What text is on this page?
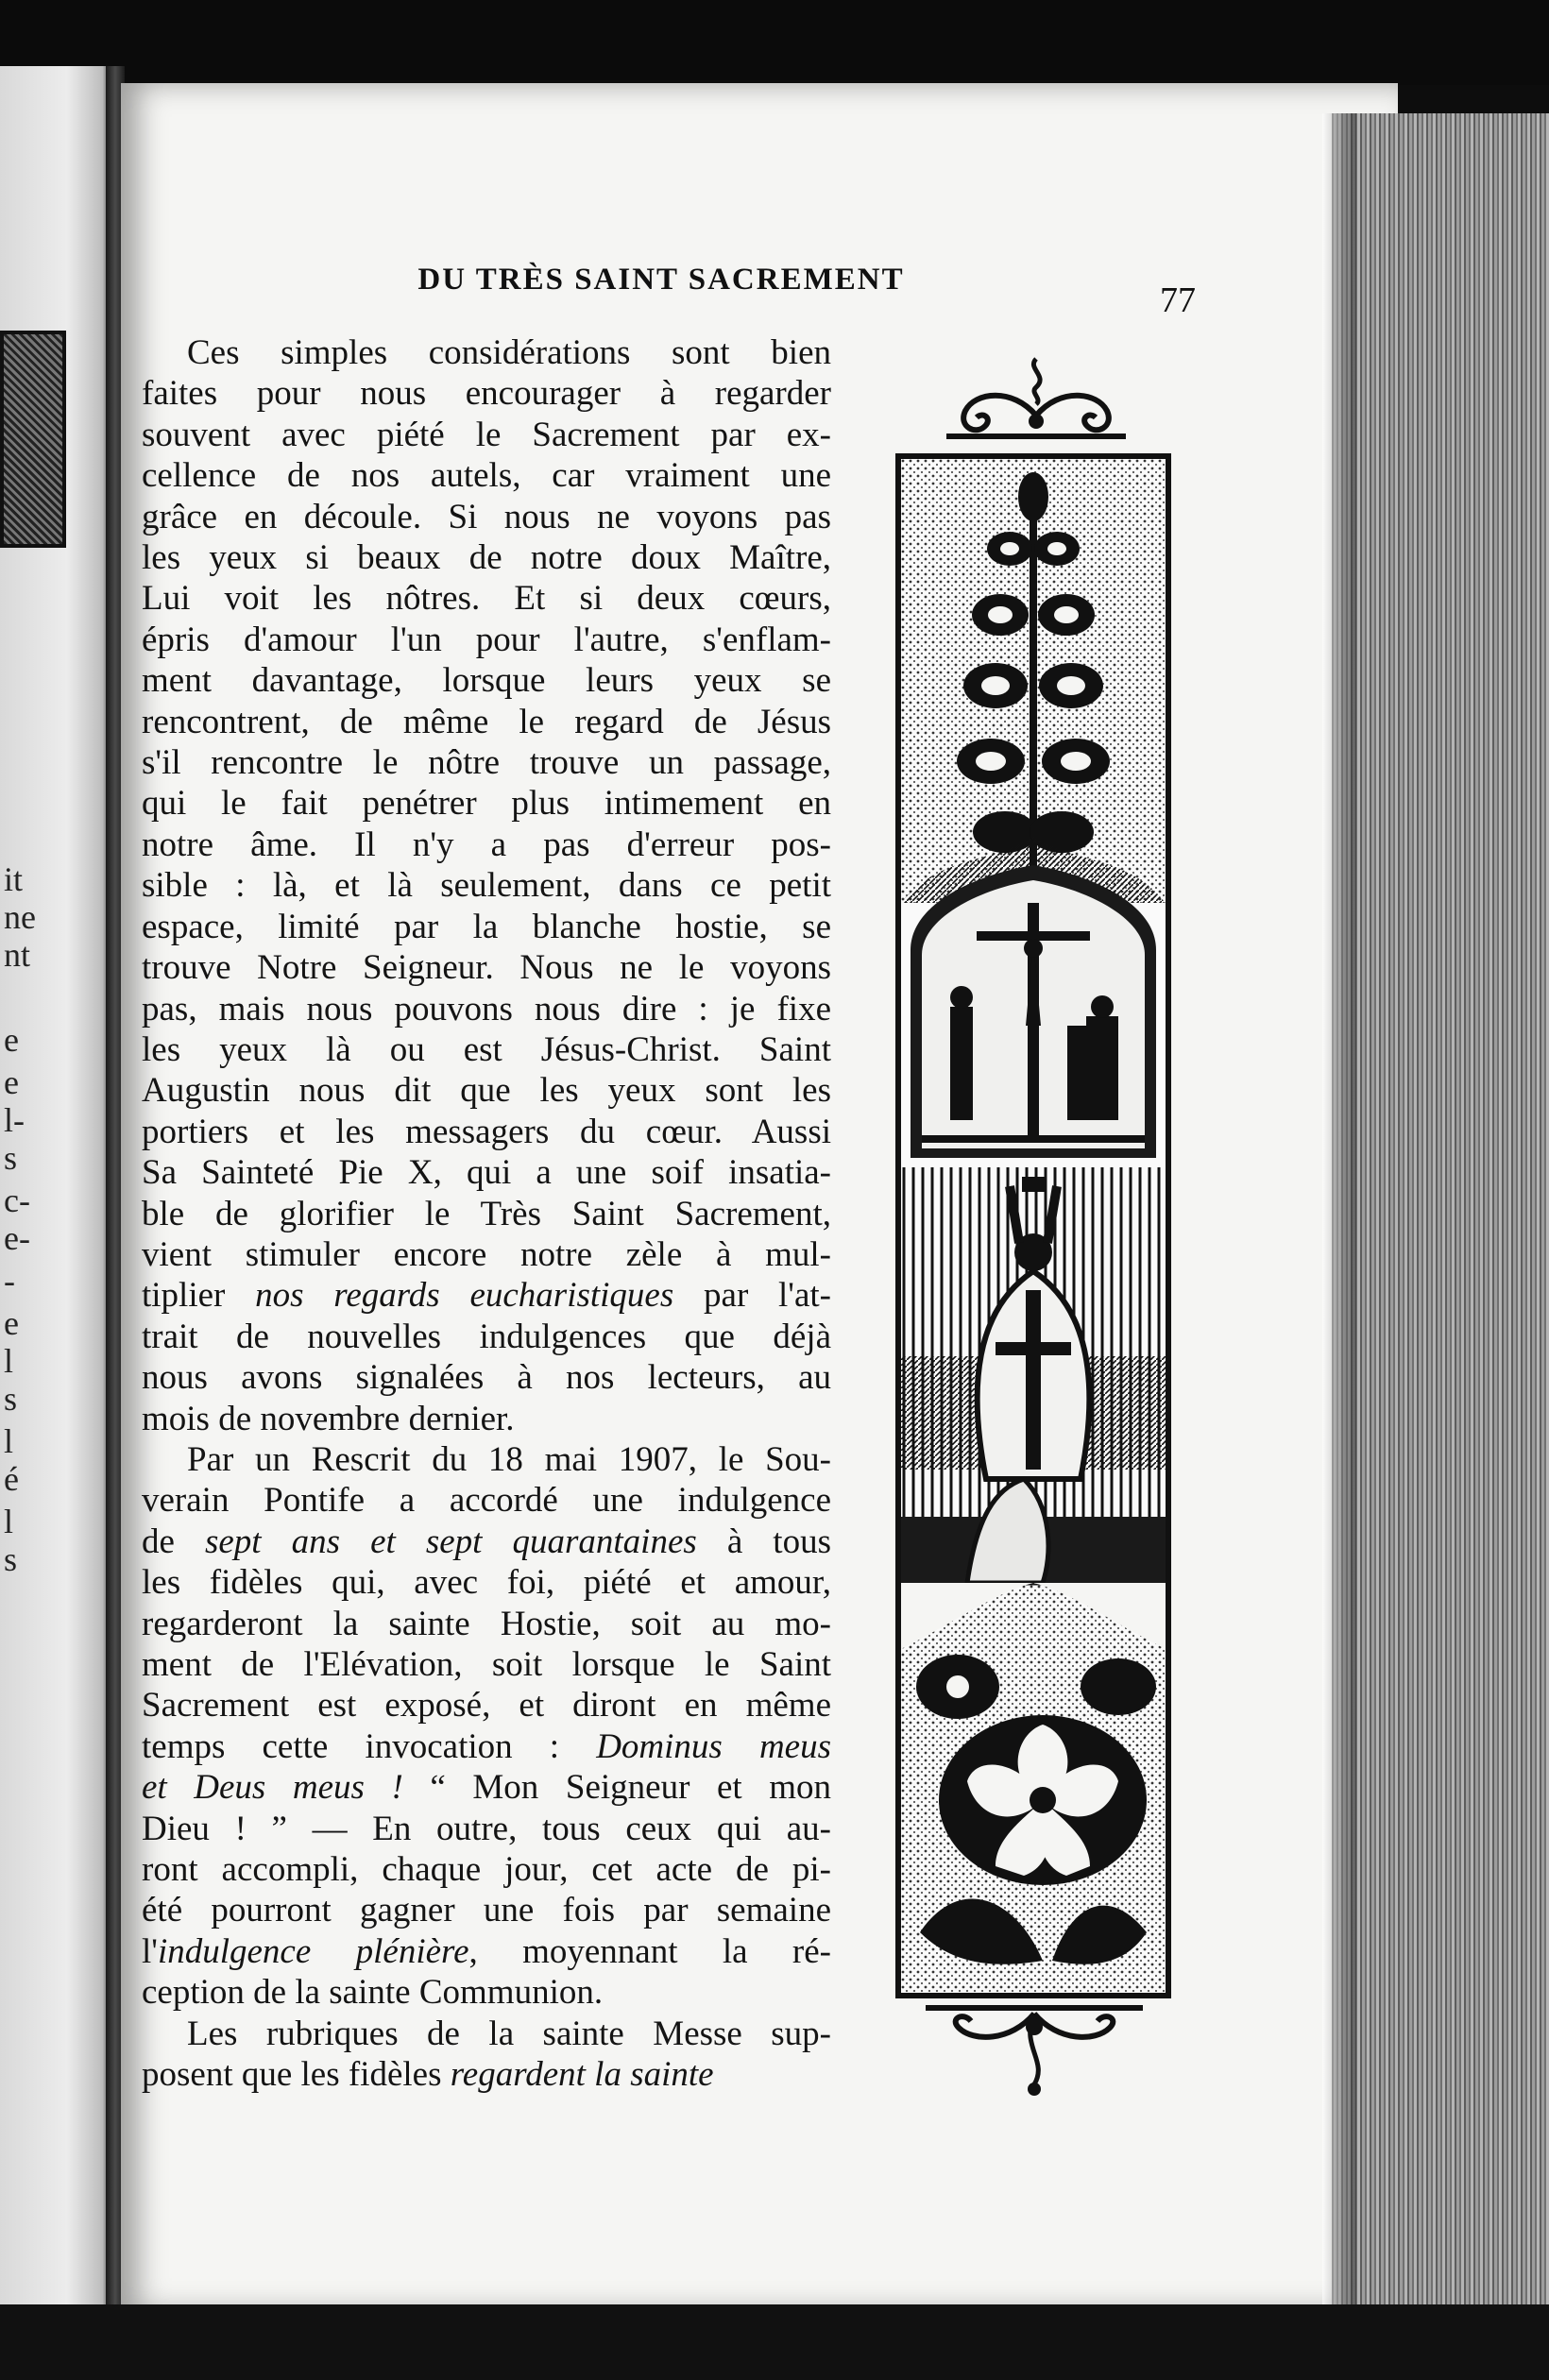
it
ne
nt
e
e
l-
s
c-
e-
-
e
l
s
l
é
l
s
DU TRÈS SAINT SACREMENT
77
Ces simples considérations sont bien
faites pour nous encourager à regarder
souvent avec piété le Sacrement par ex-
cellence de nos autels, car vraiment une
grâce en découle. Si nous ne voyons pas
les yeux si beaux de notre doux Maître,
Lui voit les nôtres. Et si deux cœurs,
épris d'amour l'un pour l'autre, s'enflam-
ment davantage, lorsque leurs yeux se
rencontrent, de même le regard de Jésus
s'il rencontre le nôtre trouve un passage,
qui le fait penétrer plus intimement en
notre âme. Il n'y a pas d'erreur pos-
sible : là, et là seulement, dans ce petit
espace, limité par la blanche hostie, se
trouve Notre Seigneur. Nous ne le voyons
pas, mais nous pouvons nous dire : je fixe
les yeux là ou est Jésus-Christ. Saint
Augustin nous dit que les yeux sont les
portiers et les messagers du cœur. Aussi
Sa Sainteté Pie X, qui a une soif insatia-
ble de glorifier le Très Saint Sacrement,
vient stimuler encore notre zèle à mul-
tiplier nos regards eucharistiques par l'at-
trait de nouvelles indulgences que déjà
nous avons signalées à nos lecteurs, au
mois de novembre dernier.
Par un Rescrit du 18 mai 1907, le Sou-
verain Pontife a accordé une indulgence
de sept ans et sept quarantaines à tous
les fidèles qui, avec foi, piété et amour,
regarderont la sainte Hostie, soit au mo-
ment de l'Elévation, soit lorsque le Saint
Sacrement est exposé, et diront en même
temps cette invocation : Dominus meus
et Deus meus ! “ Mon Seigneur et mon
Dieu ! ” — En outre, tous ceux qui au-
ront accompli, chaque jour, cet acte de pi-
été pourront gagner une fois par semaine
l'indulgence plénière, moyennant la ré-
ception de la sainte Communion.
Les rubriques de la sainte Messe sup-
posent que les fidèles regardent la sainte
